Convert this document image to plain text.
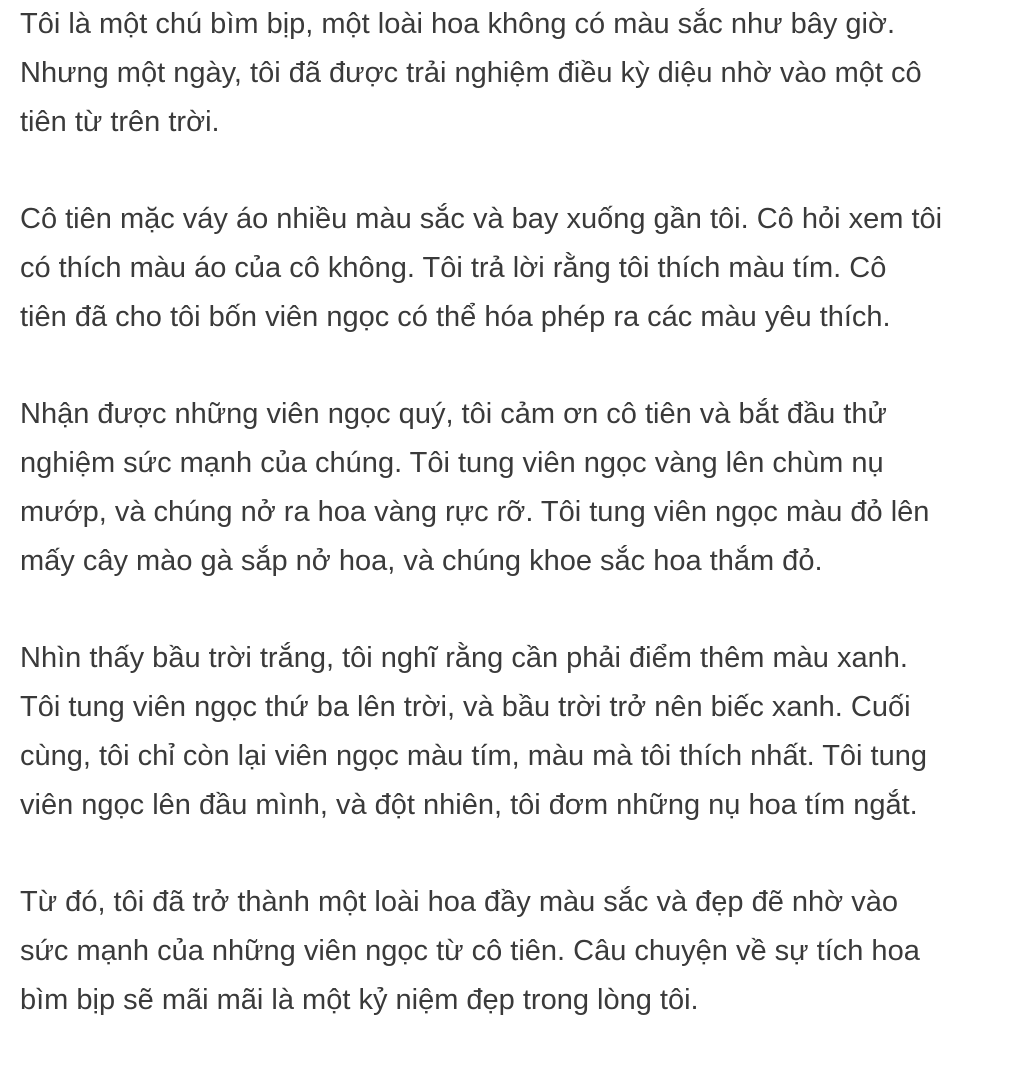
Tôi là một chú bìm bịp, một loài hoa không có màu sắc như bây giờ.
Nhưng một ngày, tôi đã được trải nghiệm điều kỳ diệu nhờ vào một cô
tiên từ trên trời.
Cô tiên mặc váy áo nhiều màu sắc và bay xuống gần tôi. Cô hỏi xem tôi
có thích màu áo của cô không. Tôi trả lời rằng tôi thích màu tím. Cô
tiên đã cho tôi bốn viên ngọc có thể hóa phép ra các màu yêu thích.
Nhận được những viên ngọc quý, tôi cảm ơn cô tiên và bắt đầu thử
nghiệm sức mạnh của chúng. Tôi tung viên ngọc vàng lên chùm nụ
mướp, và chúng nở ra hoa vàng rực rỡ. Tôi tung viên ngọc màu đỏ lên
mấy cây mào gà sắp nở hoa, và chúng khoe sắc hoa thắm đỏ.
Nhìn thấy bầu trời trắng, tôi nghĩ rằng cần phải điểm thêm màu xanh.
Tôi tung viên ngọc thứ ba lên trời, và bầu trời trở nên biếc xanh. Cuối
cùng, tôi chỉ còn lại viên ngọc màu tím, màu mà tôi thích nhất. Tôi tung
viên ngọc lên đầu mình, và đột nhiên, tôi đơm những nụ hoa tím ngắt.
Từ đó, tôi đã trở thành một loài hoa đầy màu sắc và đẹp đẽ nhờ vào
sức mạnh của những viên ngọc từ cô tiên. Câu chuyện về sự tích hoa
bìm bịp sẽ mãi mãi là một kỷ niệm đẹp trong lòng tôi.
